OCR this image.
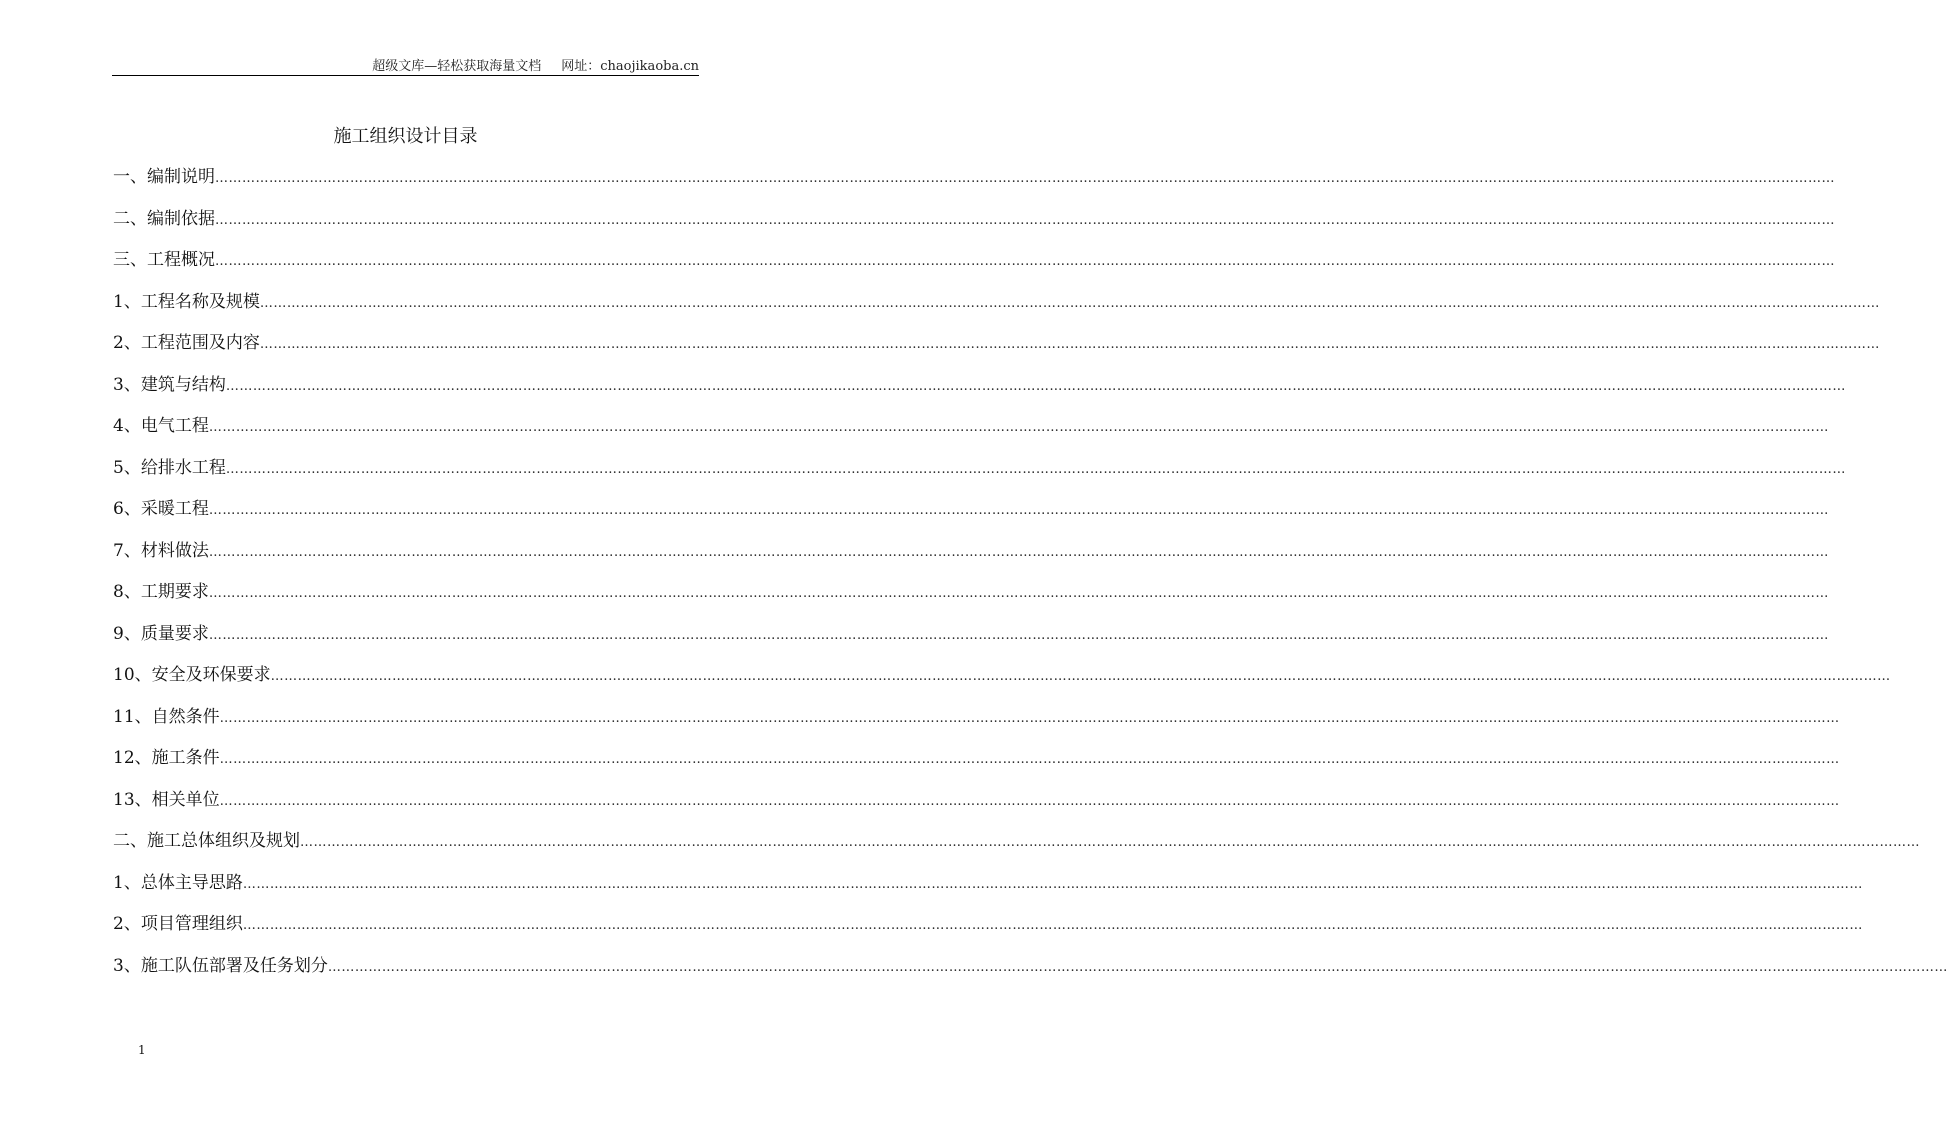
超级文库—轻松获取海量文档 网址：chaojikaoba.cn
施工组织设计目录
一、编制说明 ………………………………………………………………………………………………………………………………………………………………………………………………………………………………………………………………………………………………………………………………
二、编制依据 ………………………………………………………………………………………………………………………………………………………………………………………………………………………………………………………………………………………………………………………………
三、工程概况 ………………………………………………………………………………………………………………………………………………………………………………………………………………………………………………………………………………………………………………………………
1、工程名称及规模 ………………………………………………………………………………………………………………………………………………………………………………………………………………………………………………………………………………………………………………………………
2、工程范围及内容 ………………………………………………………………………………………………………………………………………………………………………………………………………………………………………………………………………………………………………………………………
3、建筑与结构 ………………………………………………………………………………………………………………………………………………………………………………………………………………………………………………………………………………………………………………………………
4、电气工程 ………………………………………………………………………………………………………………………………………………………………………………………………………………………………………………………………………………………………………………………………
5、给排水工程 ………………………………………………………………………………………………………………………………………………………………………………………………………………………………………………………………………………………………………………………………
6、采暖工程 ………………………………………………………………………………………………………………………………………………………………………………………………………………………………………………………………………………………………………………………………
7、材料做法 ………………………………………………………………………………………………………………………………………………………………………………………………………………………………………………………………………………………………………………………………
8、工期要求 ………………………………………………………………………………………………………………………………………………………………………………………………………………………………………………………………………………………………………………………………
9、质量要求 ………………………………………………………………………………………………………………………………………………………………………………………………………………………………………………………………………………………………………………………………
10、安全及环保要求 ………………………………………………………………………………………………………………………………………………………………………………………………………………………………………………………………………………………………………………………………
11、自然条件 ………………………………………………………………………………………………………………………………………………………………………………………………………………………………………………………………………………………………………………………………
12、施工条件 ………………………………………………………………………………………………………………………………………………………………………………………………………………………………………………………………………………………………………………………………
13、相关单位 ………………………………………………………………………………………………………………………………………………………………………………………………………………………………………………………………………………………………………………………………
二、施工总体组织及规划 ………………………………………………………………………………………………………………………………………………………………………………………………………………………………………………………………………………………………………………………………
1、总体主导思路 ………………………………………………………………………………………………………………………………………………………………………………………………………………………………………………………………………………………………………………………………
2、项目管理组织 ………………………………………………………………………………………………………………………………………………………………………………………………………………………………………………………………………………………………………………………………
3、施工队伍部署及任务划分 ………………………………………………………………………………………………………………………………………………………………………………………………………………………………………………………………………………………………………………………………
1
